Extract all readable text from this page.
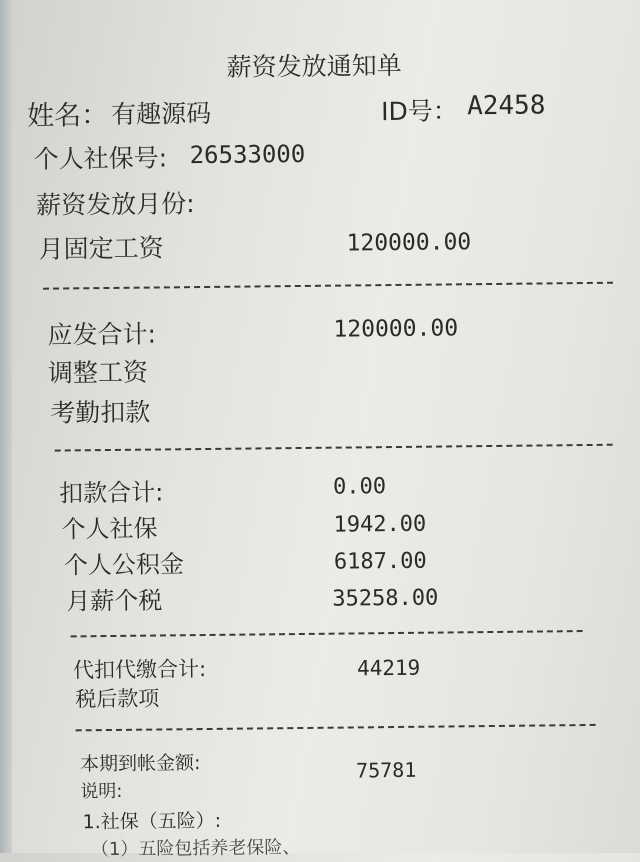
薪资发放通知单
姓名： 有趣源码	ID号： A2458
个人社保号: 26533000
薪资发放月份:
月固定工资	120000.00
应发合计:	120000.00
调整工资
考勤扣款
扣款合计:	0.00
个人社保	1942.00
个人公积金	6187.00
月薪个税	35258.00
代扣代缴合计:	44219
税后款项
本期到帐金额:	75781
说明:
1.社保（五险）:
（1）五险包括养老保险、
